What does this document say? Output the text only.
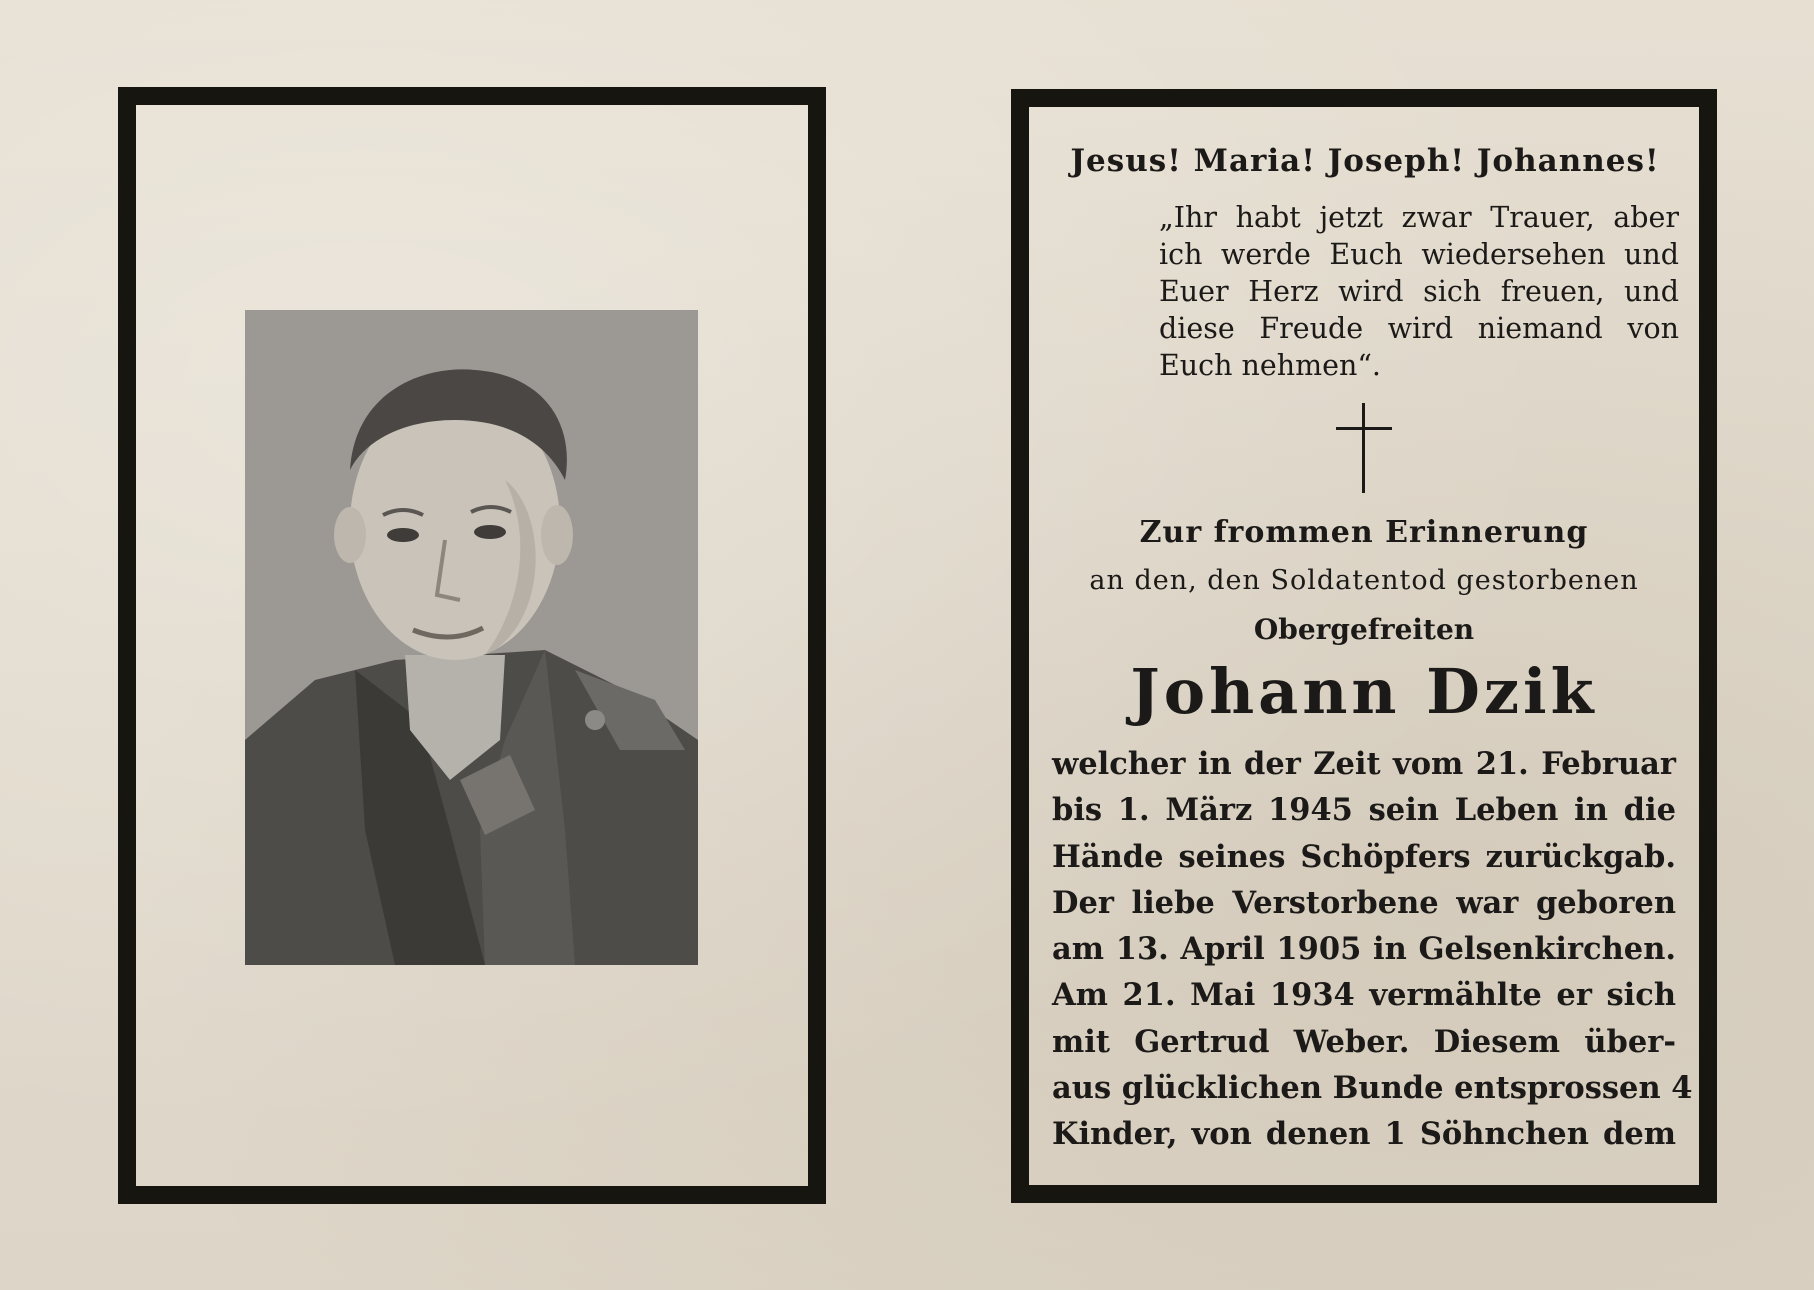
Jesus! Maria! Joseph! Johannes!
„Ihr habt jetzt zwar Trauer, aber
ich werde Euch wiedersehen und
Euer Herz wird sich freuen, und
diese Freude wird niemand von
Euch nehmen“.
Zur frommen Erinnerung
an den, den Soldatentod gestorbenen
Obergefreiten
Johann Dzik
welcher in der Zeit vom 21. Februar
bis 1. März 1945 sein Leben in die
Hände seines Schöpfers zurückgab.
Der liebe Verstorbene war geboren
am 13. April 1905 in Gelsenkirchen.
Am 21. Mai 1934 vermählte er sich
mit Gertrud Weber. Diesem über-
aus glücklichen Bunde entsprossen 4
Kinder, von denen 1 Söhnchen dem
